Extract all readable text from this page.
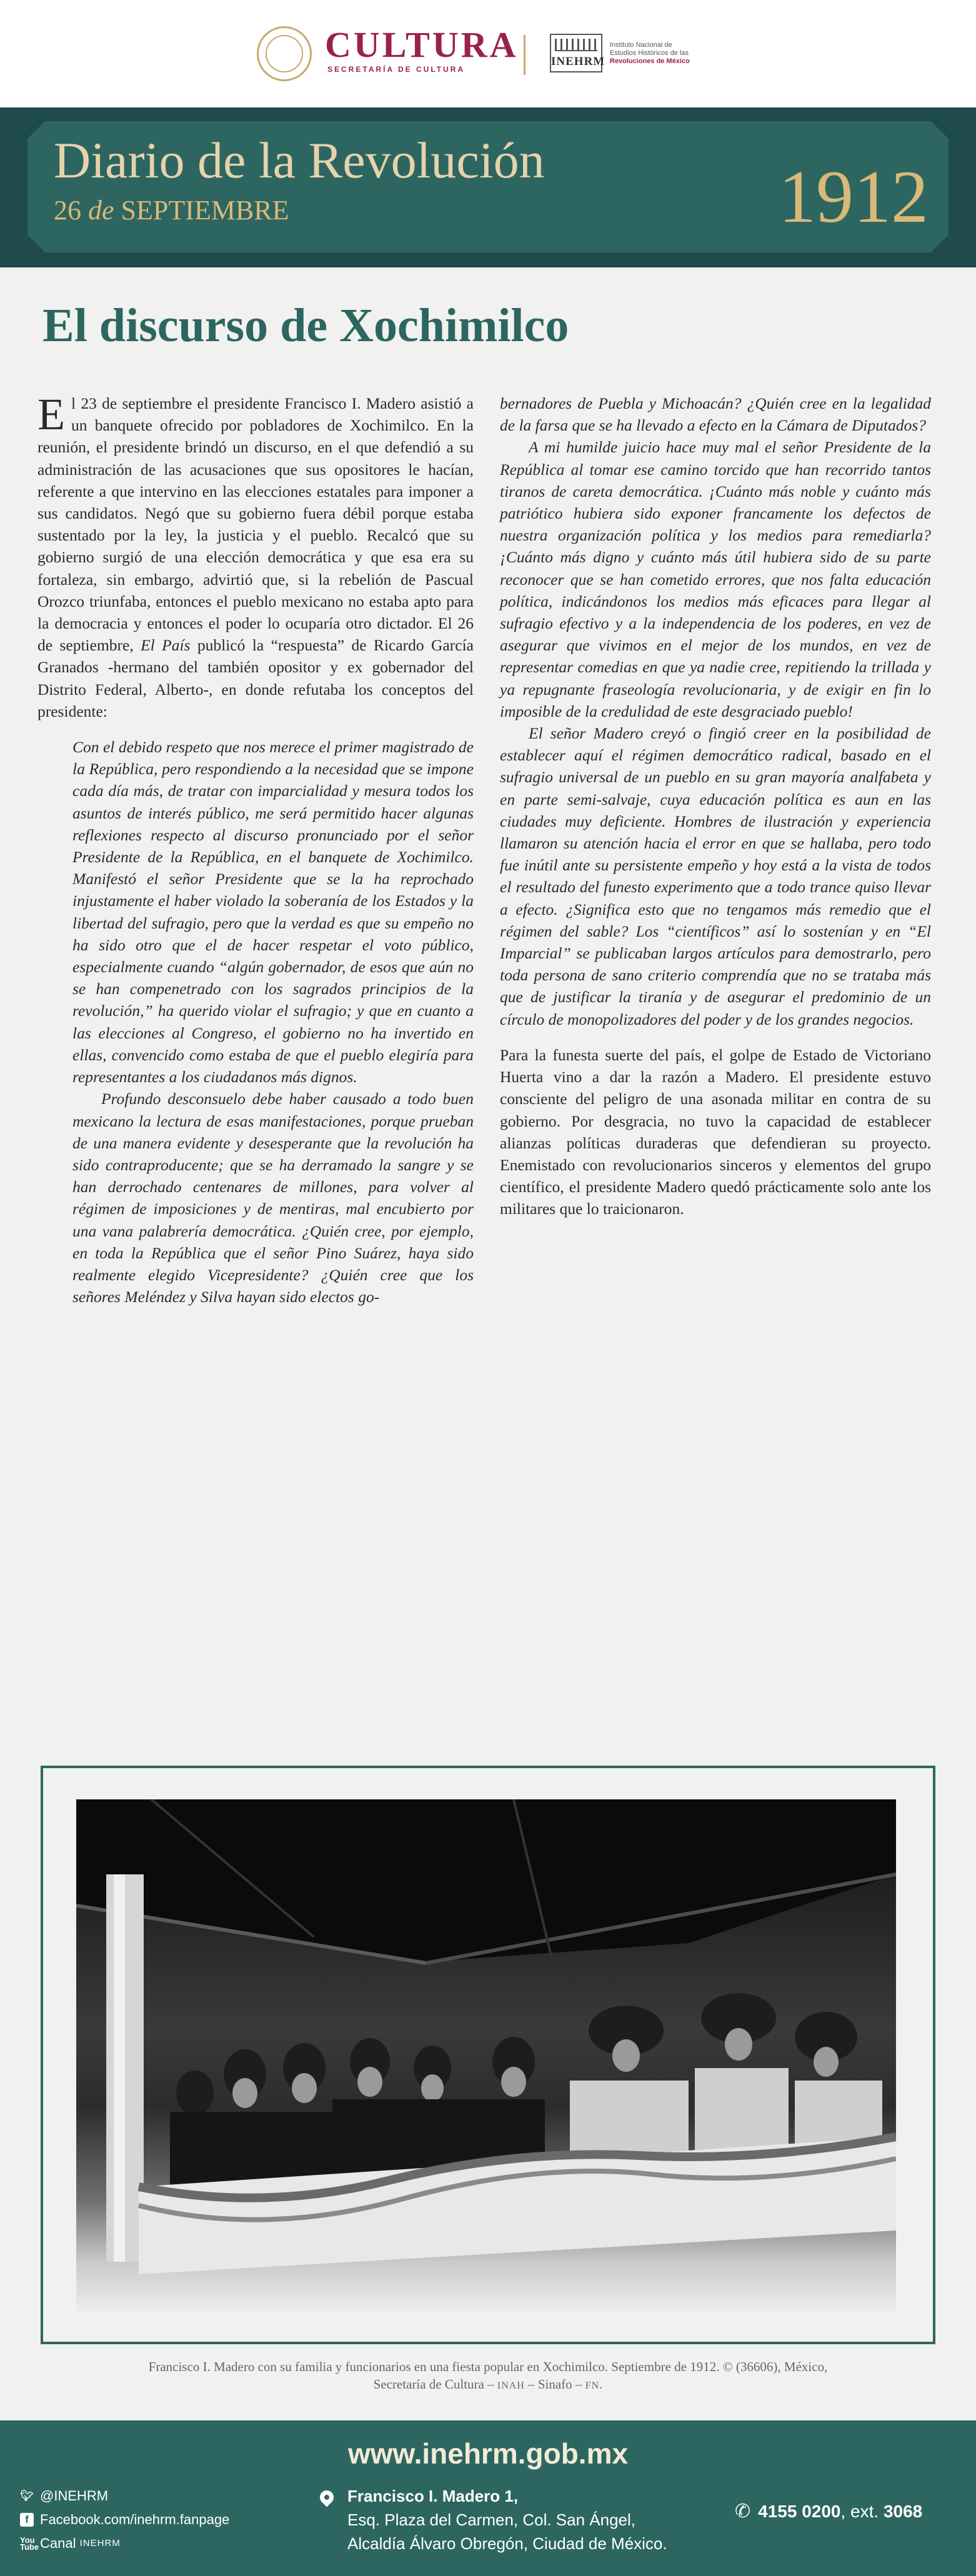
CULTURA
SECRETARÍA DE CULTURA
INEHRM
Instituto Nacional de
Estudios Históricos de las
Revoluciones de México
Diario de la Revolución
26 de SEPTIEMBRE	1912
El discurso de Xochimilco

El 23 de septiembre el presidente Francisco I. Madero asistió a un banquete ofrecido por pobladores de Xochimilco. En la reunión, el presidente brindó un discurso, en el que defendió a su administración de las acusaciones que sus opositores le hacían, referente a que intervino en las elecciones estatales para imponer a sus candidatos. Negó que su gobierno fuera débil porque estaba sustentado por la ley, la justicia y el pueblo. Recalcó que su gobierno surgió de una elección democrática y que esa era su fortaleza, sin embargo, advirtió que, si la rebelión de Pascual Orozco triunfaba, entonces el pueblo mexicano no estaba apto para la democracia y entonces el poder lo ocuparía otro dictador. El 26 de septiembre, El País publicó la “respuesta” de Ricardo García Granados -hermano del también opositor y ex gobernador del Distrito Federal, Alberto-, en donde refutaba los conceptos del presidente:

Con el debido respeto que nos merece el primer magistrado de la República, pero respondiendo a la necesidad que se impone cada día más, de tratar con imparcialidad y mesura todos los asuntos de interés público, me será permitido hacer algunas reflexiones respecto al discurso pronunciado por el señor Presidente de la República, en el banquete de Xochimilco. Manifestó el señor Presidente que se la ha reprochado injustamente el haber violado la soberanía de los Estados y la libertad del sufragio, pero que la verdad es que su empeño no ha sido otro que el de hacer respetar el voto público, especialmente cuando “algún gobernador, de esos que aún no se han compenetrado con los sagrados principios de la revolución,” ha querido violar el sufragio; y que en cuanto a las elecciones al Congreso, el gobierno no ha invertido en ellas, convencido como estaba de que el pueblo elegiría para representantes a los ciudadanos más dignos.

Profundo desconsuelo debe haber causado a todo buen mexicano la lectura de esas manifestaciones, porque prueban de una manera evidente y desesperante que la revolución ha sido contraproducente; que se ha derramado la sangre y se han derrochado centenares de millones, para volver al régimen de imposiciones y de mentiras, mal encubierto por una vana palabrería democrática. ¿Quién cree, por ejemplo, en toda la República que el señor Pino Suárez, haya sido realmente elegido Vicepresidente? ¿Quién cree que los señores Meléndez y Silva hayan sido electos go-

bernadores de Puebla y Michoacán? ¿Quién cree en la legalidad de la farsa que se ha llevado a efecto en la Cámara de Diputados?

A mi humilde juicio hace muy mal el señor Presidente de la República al tomar ese camino torcido que han recorrido tantos tiranos de careta democrática. ¡Cuánto más noble y cuánto más patriótico hubiera sido exponer francamente los defectos de nuestra organización política y los medios para remediarla? ¡Cuánto más digno y cuánto más útil hubiera sido de su parte reconocer que se han cometido errores, que nos falta educación política, indicándonos los medios más eficaces para llegar al sufragio efectivo y a la independencia de los poderes, en vez de asegurar que vivimos en el mejor de los mundos, en vez de representar comedias en que ya nadie cree, repitiendo la trillada y ya repugnante fraseología revolucionaria, y de exigir en fin lo imposible de la credulidad de este desgraciado pueblo!

El señor Madero creyó o fingió creer en la posibilidad de establecer aquí el régimen democrático radical, basado en el sufragio universal de un pueblo en su gran mayoría analfabeta y en parte semi-salvaje, cuya educación política es aun en las ciudades muy deficiente. Hombres de ilustración y experiencia llamaron su atención hacia el error en que se hallaba, pero todo fue inútil ante su persistente empeño y hoy está a la vista de todos el resultado del funesto experimento que a todo trance quiso llevar a efecto. ¿Significa esto que no tengamos más remedio que el régimen del sable? Los “científicos” así lo sostenían y en “El Imparcial” se publicaban largos artículos para demostrarlo, pero toda persona de sano criterio comprendía que no se trataba más que de justificar la tiranía y de asegurar el predominio de un círculo de monopolizadores del poder y de los grandes negocios.

Para la funesta suerte del país, el golpe de Estado de Victoriano Huerta vino a dar la razón a Madero. El presidente estuvo consciente del peligro de una asonada militar en contra de su gobierno. Por desgracia, no tuvo la capacidad de establecer alianzas políticas duraderas que defendieran su proyecto. Enemistado con revolucionarios sinceros y elementos del grupo científico, el presidente Madero quedó prácticamente solo ante los militares que lo traicionaron.

Francisco I. Madero con su familia y funcionarios en una fiesta popular en Xochimilco. Septiembre de 1912. © (36606), México,
Secretaría de Cultura – INAH – Sinafo – FN.
www.inehrm.gob.mx
🐦︎ @INEHRM
f Facebook.com/inehrm.fanpage
You
Tube Canal
INEHRM
Francisco I. Madero 1,
Esq. Plaza del Carmen, Col. San Ángel,
Alcaldía Álvaro Obregón, Ciudad de México.
✆ 4155 0200, ext. 3068
